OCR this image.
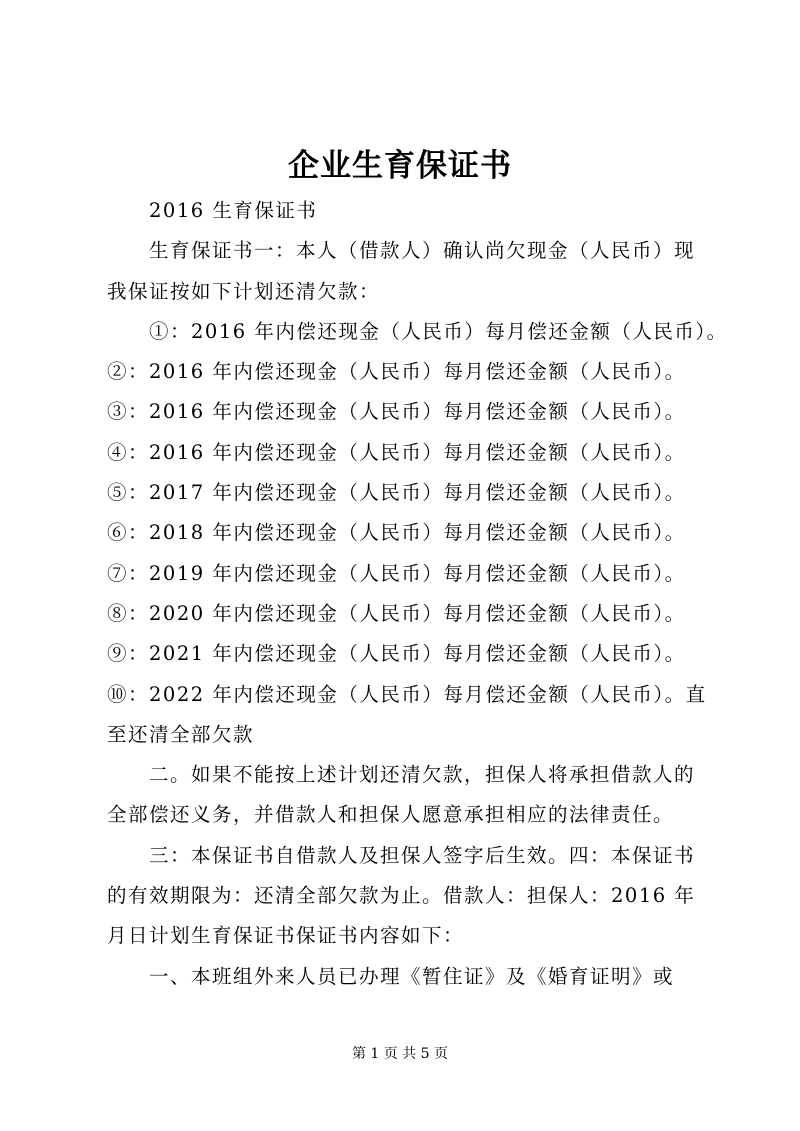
企业生育保证书
2016 生育保证书
生育保证书一：本人（借款人）确认尚欠现金（人民币）现
我保证按如下计划还清欠款：
①：2016 年内偿还现金（人民币）每月偿还金额（人民币）。
②：2016 年内偿还现金（人民币）每月偿还金额（人民币）。
③：2016 年内偿还现金（人民币）每月偿还金额（人民币）。
④：2016 年内偿还现金（人民币）每月偿还金额（人民币）。
⑤：2017 年内偿还现金（人民币）每月偿还金额（人民币）。
⑥：2018 年内偿还现金（人民币）每月偿还金额（人民币）。
⑦：2019 年内偿还现金（人民币）每月偿还金额（人民币）。
⑧：2020 年内偿还现金（人民币）每月偿还金额（人民币）。
⑨：2021 年内偿还现金（人民币）每月偿还金额（人民币）。
⑩：2022 年内偿还现金（人民币）每月偿还金额（人民币）。直
至还清全部欠款
二。如果不能按上述计划还清欠款，担保人将承担借款人的
全部偿还义务，并借款人和担保人愿意承担相应的法律责任。
三：本保证书自借款人及担保人签字后生效。四：本保证书
的有效期限为：还清全部欠款为止。借款人：担保人：2016 年
月日计划生育保证书保证书内容如下：
一、本班组外来人员已办理《暂住证》及《婚育证明》或
第 1 页 共 5 页
